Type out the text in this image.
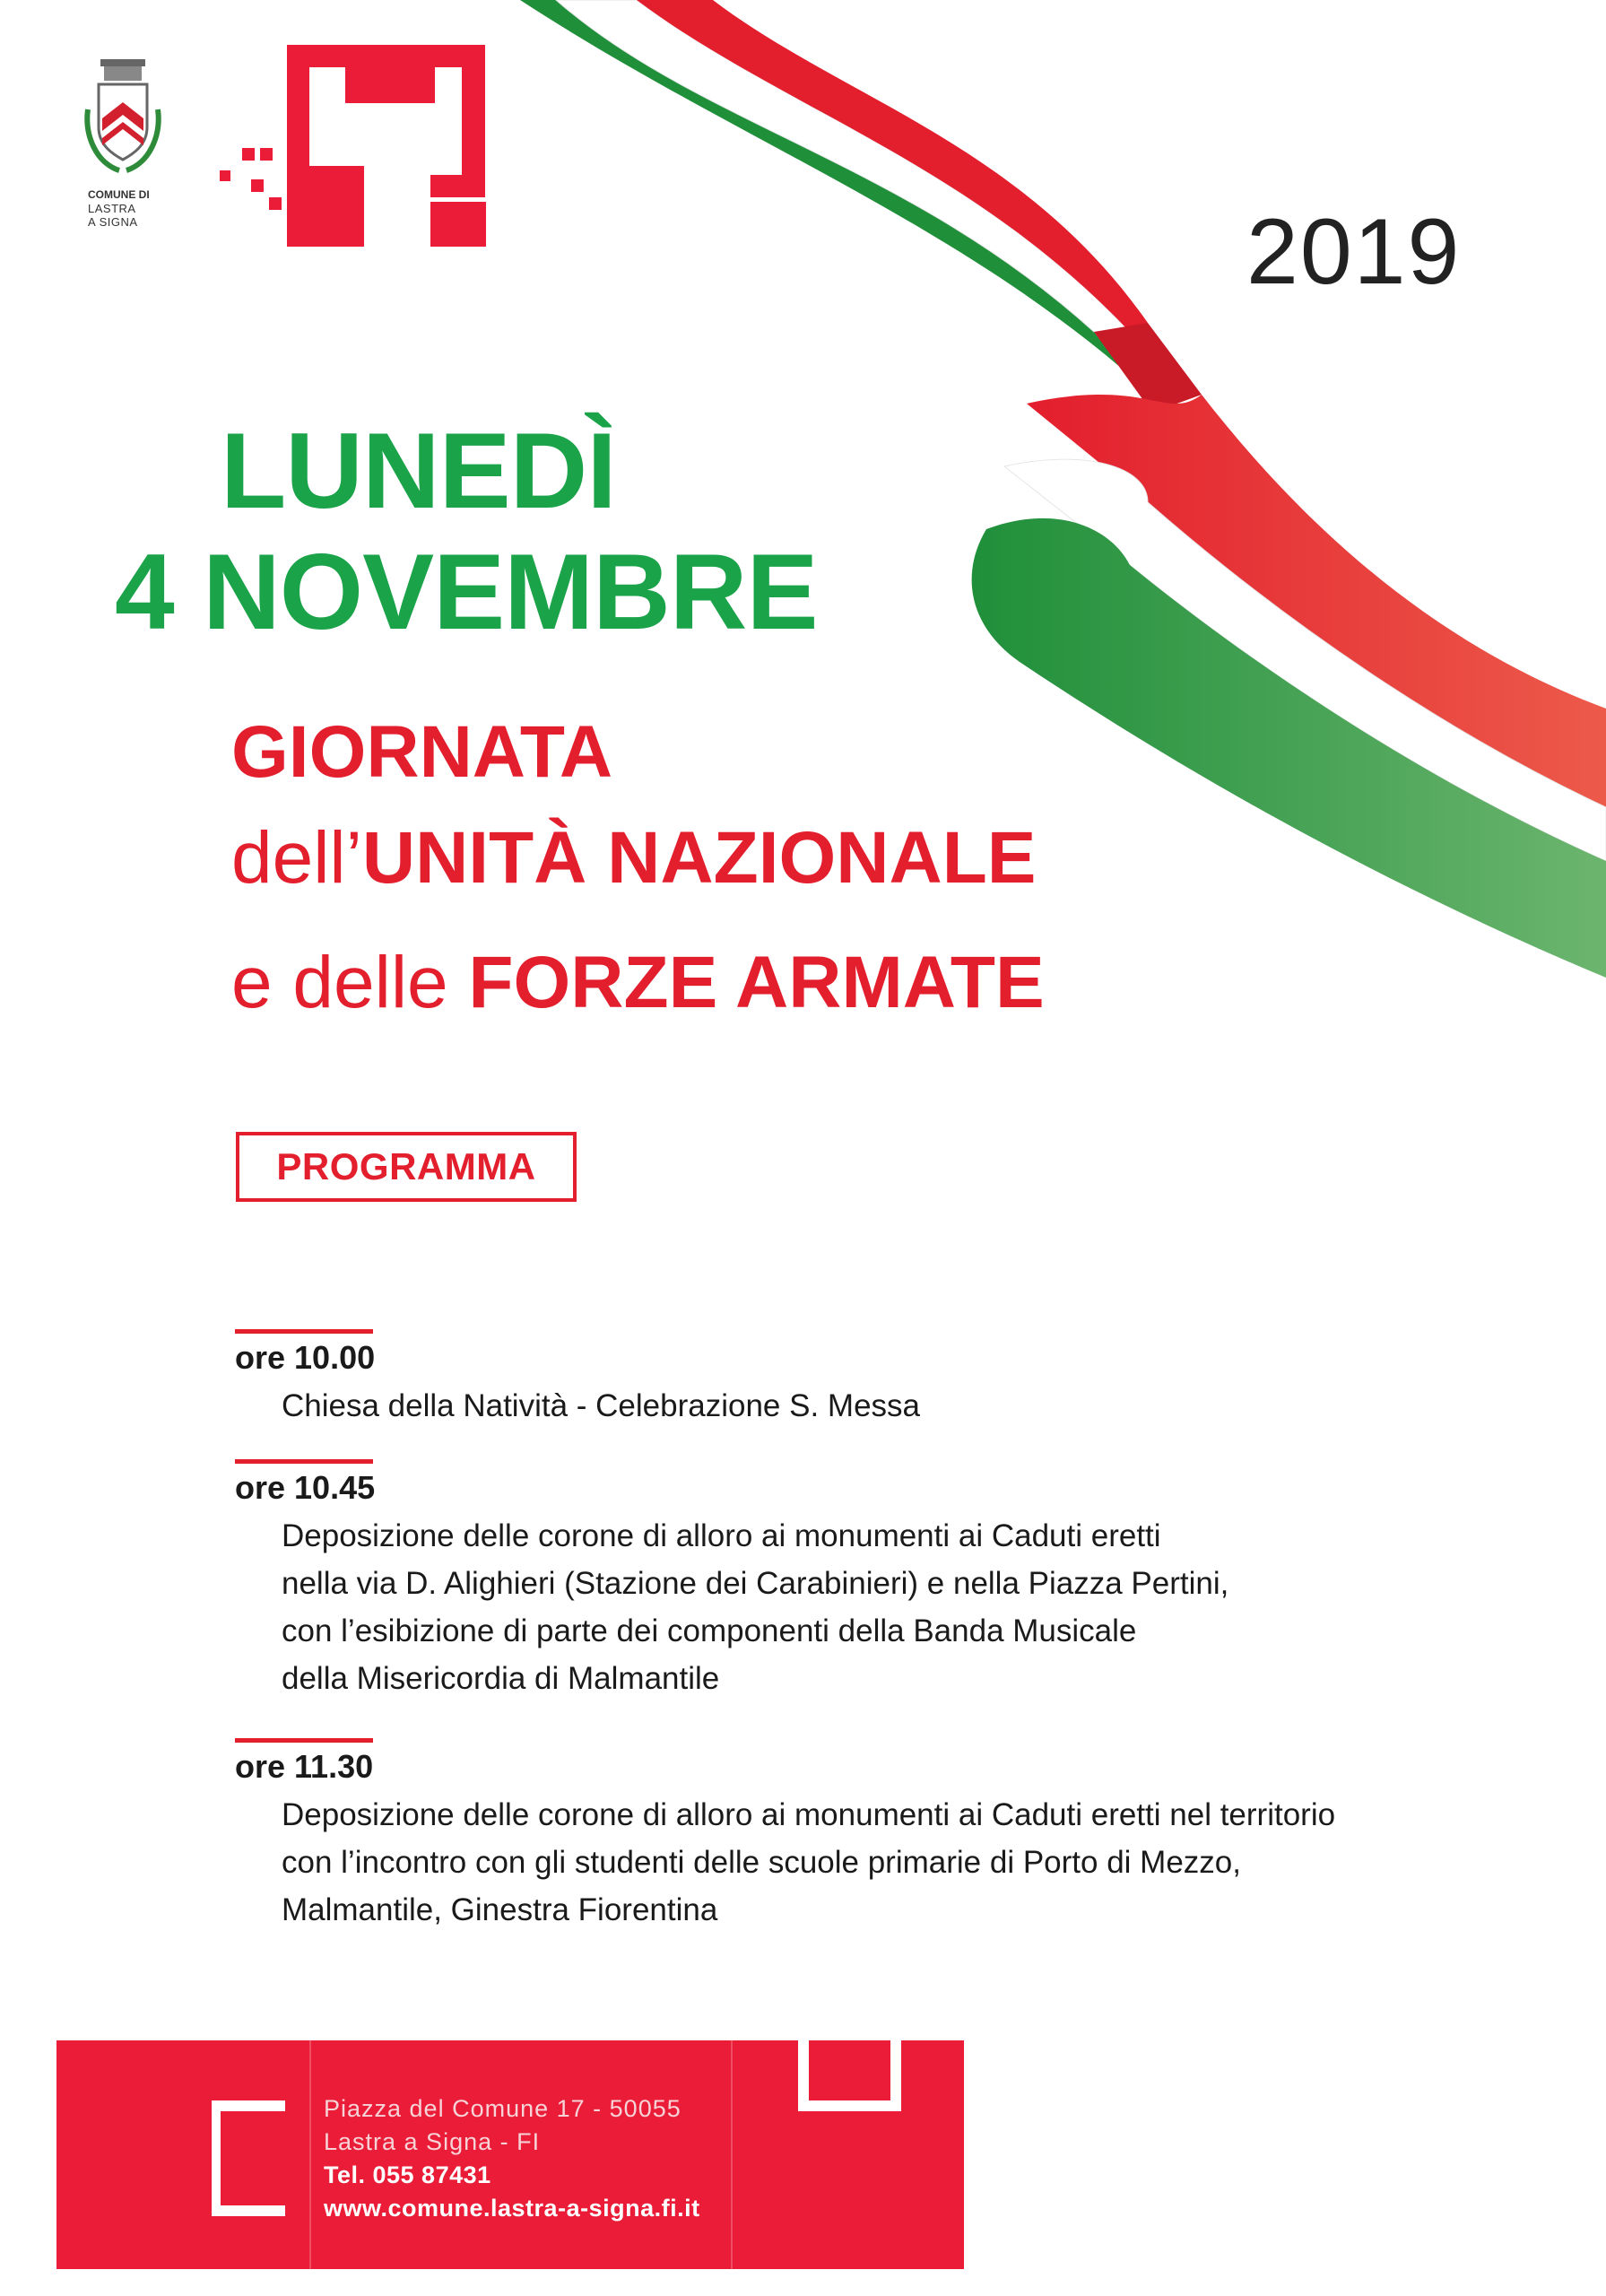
COMUNE DI
LASTRA
A SIGNA	2019
LUNEDÌ
4 NOVEMBRE
GIORNATA
dell’UNITÀ NAZIONALE
e delle FORZE ARMATE
PROGRAMMA
ore 10.00
Chiesa della Natività - Celebrazione S. Messa
ore 10.45
Deposizione delle corone di alloro ai monumenti ai Caduti eretti
nella via D. Alighieri (Stazione dei Carabinieri) e nella Piazza Pertini,
con l’esibizione di parte dei componenti della Banda Musicale
della Misericordia di Malmantile
ore 11.30
Deposizione delle corone di alloro ai monumenti ai Caduti eretti nel territorio
con l’incontro con gli studenti delle scuole primarie di Porto di Mezzo,
Malmantile, Ginestra Fiorentina
Piazza del Comune 17 - 50055
Lastra a Signa - FI
Tel. 055 87431
www.comune.lastra-a-signa.fi.it
